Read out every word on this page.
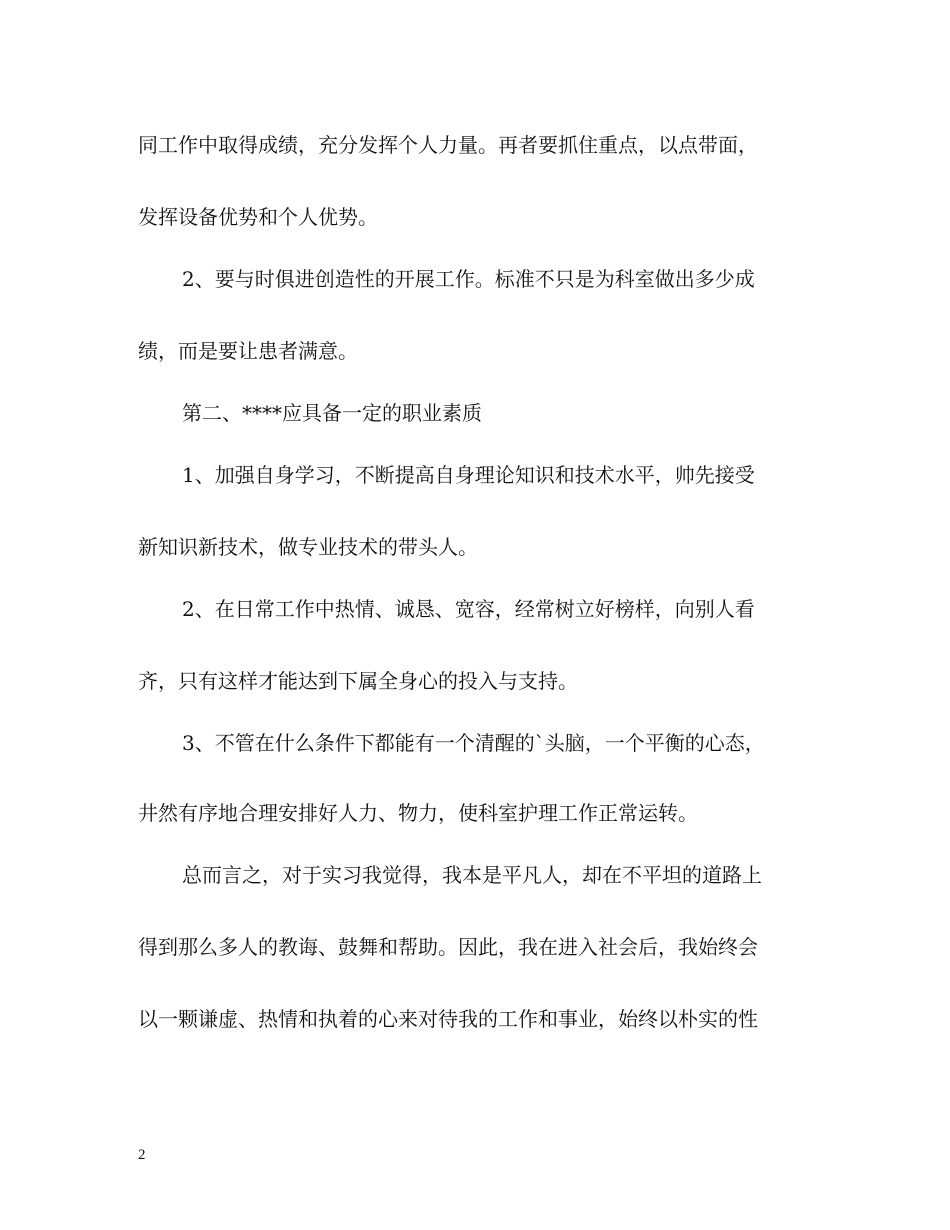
同工作中取得成绩，充分发挥个人力量。再者要抓住重点，以点带面，

发挥设备优势和个人优势。

2、要与时俱进创造性的开展工作。标准不只是为科室做出多少成

绩，而是要让患者满意。

第二、****应具备一定的职业素质

1、加强自身学习，不断提高自身理论知识和技术水平，帅先接受

新知识新技术，做专业技术的带头人。

2、在日常工作中热情、诚恳、宽容，经常树立好榜样，向别人看

齐，只有这样才能达到下属全身心的投入与支持。

3、不管在什么条件下都能有一个清醒的`头脑，一个平衡的心态，

井然有序地合理安排好人力、物力，使科室护理工作正常运转。

总而言之，对于实习我觉得，我本是平凡人，却在不平坦的道路上

得到那么多人的教诲、鼓舞和帮助。因此，我在进入社会后，我始终会

以一颗谦虚、热情和执着的心来对待我的工作和事业，始终以朴实的性

2
